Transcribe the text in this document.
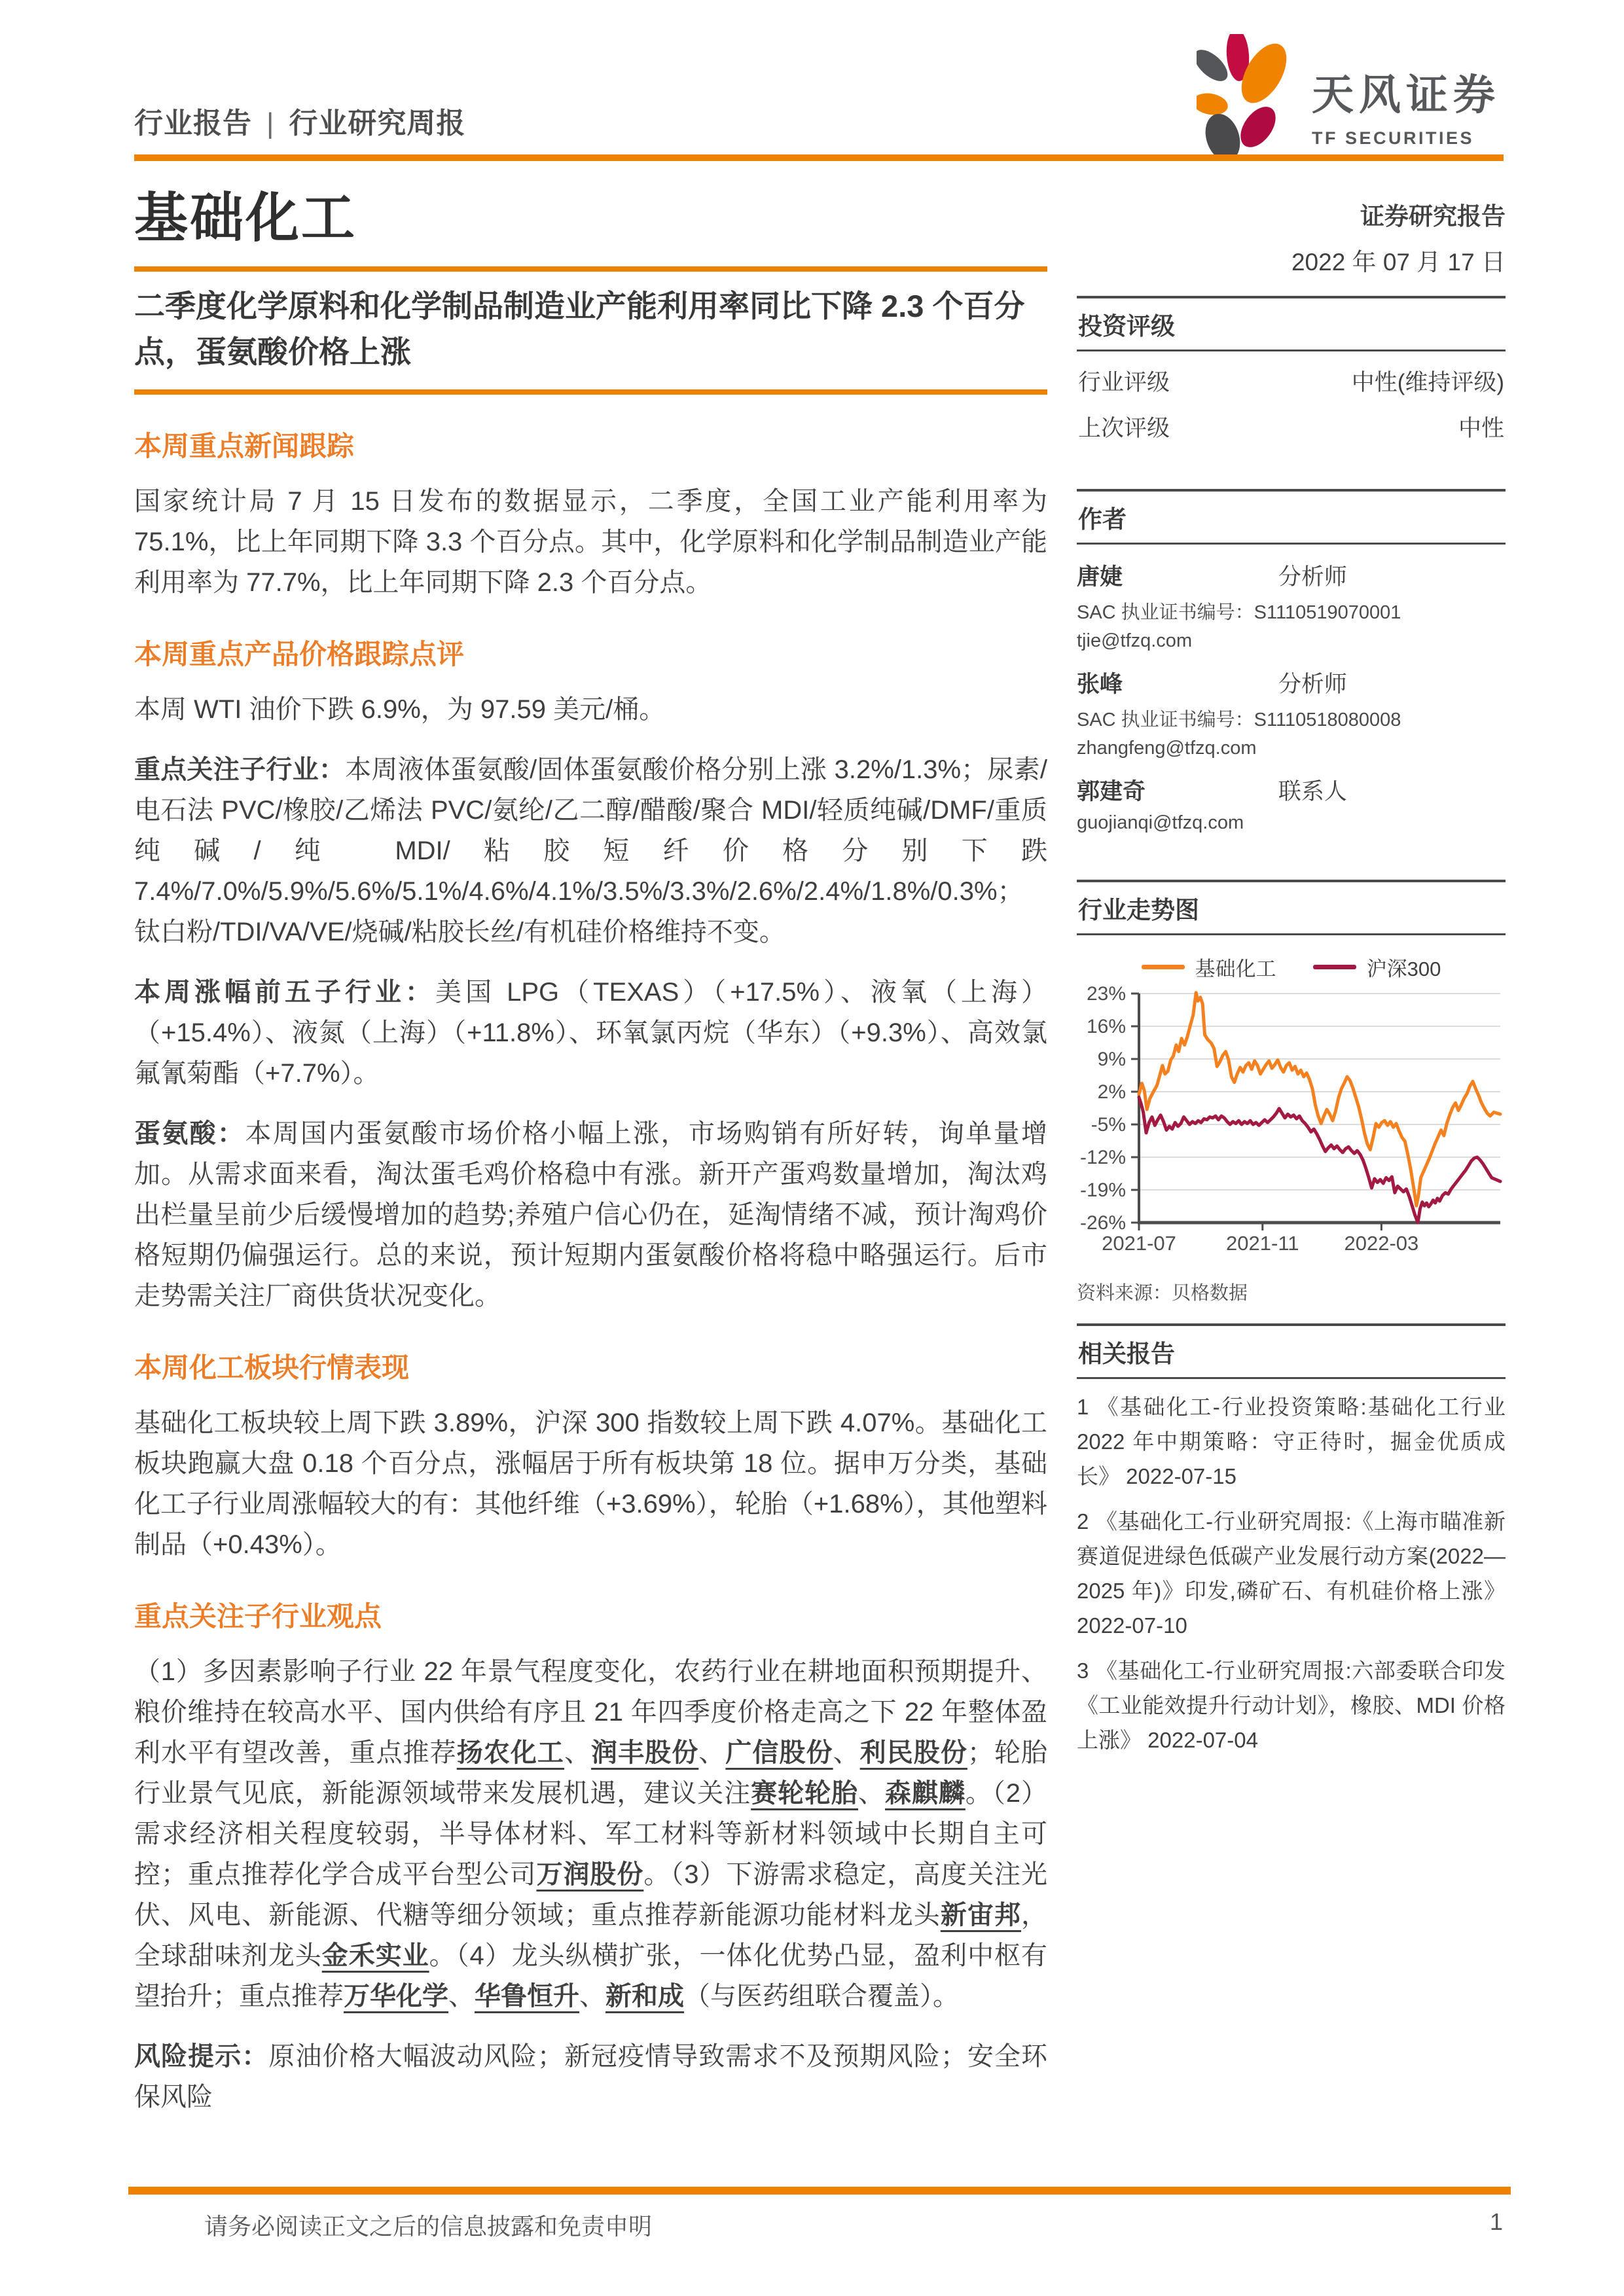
行业报告 | 行业研究周报
天风证券
TF SECURITIES
基础化工
二季度化学原料和化学制品制造业产能利用率同比下降 2.3 个百分点，蛋氨酸价格上涨
本周重点新闻跟踪

国家统计局 7 月 15 日发布的数据显示，二季度，全国工业产能利用率为 75.1%，比上年同期下降 3.3 个百分点。其中，化学原料和化学制品制造业产能利用率为 77.7%，比上年同期下降 2.3 个百分点。

本周重点产品价格跟踪点评

本周 WTI 油价下跌 6.9%，为 97.59 美元/桶。

重点关注子行业：本周液体蛋氨酸/固体蛋氨酸价格分别上涨 3.2%/1.3%；尿素/电石法 PVC/橡胶/乙烯法 PVC/氨纶/乙二醇/醋酸/聚合 MDI/轻质纯碱/DMF/重质纯碱/纯 MDI/粘胶短纤价格分别下跌 7.4%/7.0%/5.9%/5.6%/5.1%/4.6%/4.1%/3.5%/3.3%/2.6%/2.4%/1.8%/0.3%；钛白粉/TDI/VA/VE/烧碱/粘胶长丝/有机硅价格维持不变。

本周涨幅前五子行业：美国 LPG（TEXAS）（+17.5%）、液氧（上海）（+15.4%）、液氮（上海）（+11.8%）、环氧氯丙烷（华东）（+9.3%）、高效氯氟氰菊酯（+7.7%）。

蛋氨酸：本周国内蛋氨酸市场价格小幅上涨，市场购销有所好转，询单量增加。从需求面来看，淘汰蛋毛鸡价格稳中有涨。新开产蛋鸡数量增加，淘汰鸡出栏量呈前少后缓慢增加的趋势;养殖户信心仍在，延淘情绪不减，预计淘鸡价格短期仍偏强运行。总的来说，预计短期内蛋氨酸价格将稳中略强运行。后市走势需关注厂商供货状况变化。

本周化工板块行情表现

基础化工板块较上周下跌 3.89%，沪深 300 指数较上周下跌 4.07%。基础化工板块跑赢大盘 0.18 个百分点，涨幅居于所有板块第 18 位。据申万分类，基础化工子行业周涨幅较大的有：其他纤维（+3.69%），轮胎（+1.68%），其他塑料制品（+0.43%）。

重点关注子行业观点

（1）多因素影响子行业 22 年景气程度变化，农药行业在耕地面积预期提升、粮价维持在较高水平、国内供给有序且 21 年四季度价格走高之下 22 年整体盈利水平有望改善，重点推荐扬农化工、润丰股份、广信股份、利民股份；轮胎行业景气见底，新能源领域带来发展机遇，建议关注赛轮轮胎、森麒麟。（2）需求经济相关程度较弱，半导体材料、军工材料等新材料领域中长期自主可控；重点推荐化学合成平台型公司万润股份。（3）下游需求稳定，高度关注光伏、风电、新能源、代糖等细分领域；重点推荐新能源功能材料龙头新宙邦，全球甜味剂龙头金禾实业。（4）龙头纵横扩张，一体化优势凸显，盈利中枢有望抬升；重点推荐万华化学、华鲁恒升、新和成（与医药组联合覆盖）。

风险提示：原油价格大幅波动风险；新冠疫情导致需求不及预期风险；安全环保风险

证券研究报告
2022 年 07 月 17 日
投资评级
行业评级	中性(维持评级)
上次评级	中性
作者
唐婕	分析师
SAC 执业证书编号：S1110519070001
tjie@tfzq.com
张峰	分析师
SAC 执业证书编号：S1110518080008
zhangfeng@tfzq.com
郭建奇	联系人
guojianqi@tfzq.com
行业走势图
基础化工	沪深300
23%
16%
9%
2%
-5%
-12%
-19%
-26%
2021-07 2021-11 2022-03
资料来源：贝格数据
相关报告

1 《基础化工-行业投资策略:基础化工行业 2022 年中期策略：守正待时，掘金优质成长》 2022-07-15

2 《基础化工-行业研究周报:《上海市瞄准新赛道促进绿色低碳产业发展行动方案(2022—2025 年)》印发,磷矿石、有机硅价格上涨》 2022-07-10

3 《基础化工-行业研究周报:六部委联合印发《工业能效提升行动计划》，橡胶、MDI 价格上涨》 2022-07-04

请务必阅读正文之后的信息披露和免责申明	1
